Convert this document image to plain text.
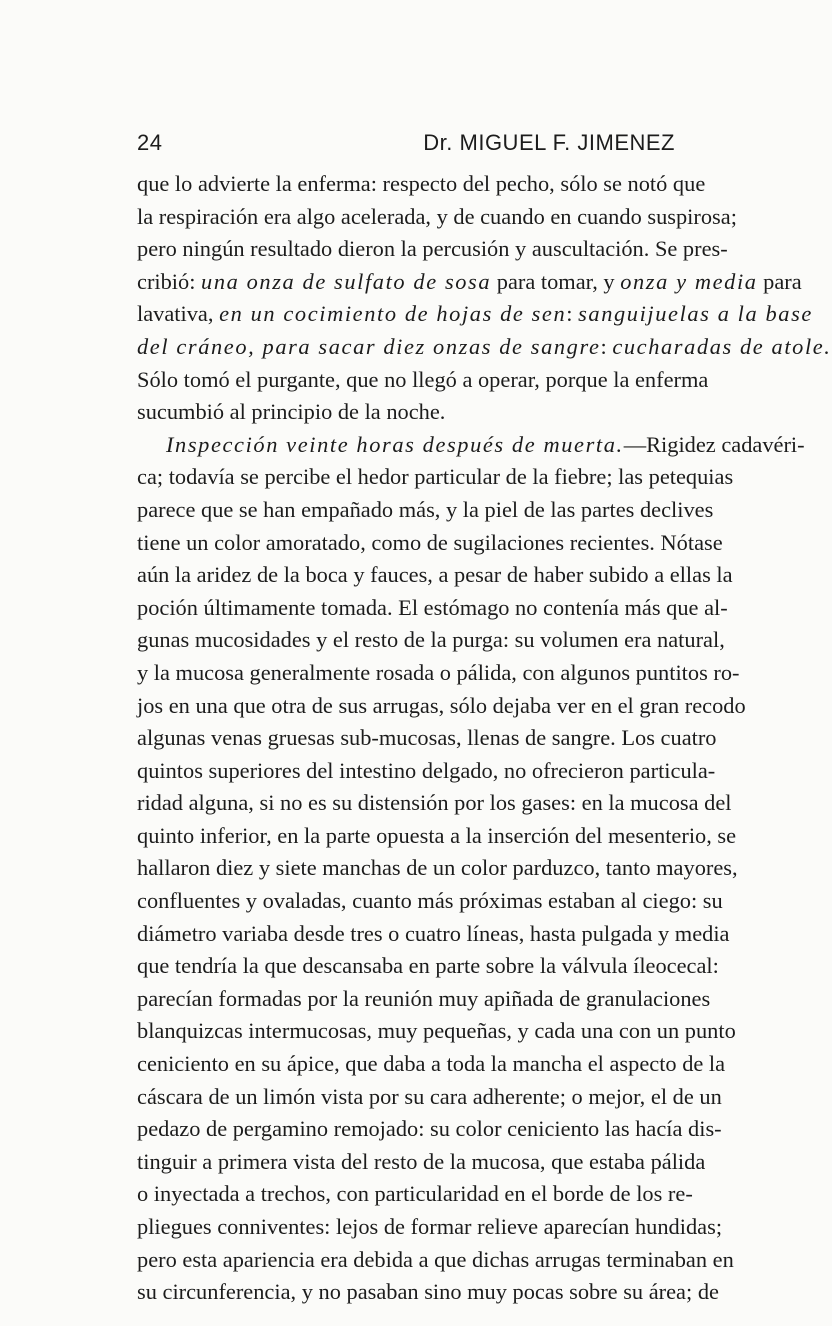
24	Dr. MIGUEL F. JIMENEZ
que lo advierte la enferma: respecto del pecho, sólo se notó que
la respiración era algo acelerada, y de cuando en cuando suspirosa;
pero ningún resultado dieron la percusión y auscultación. Se pres-
cribió: una onza de sulfato de sosa para tomar, y onza y media para
lavativa, en un cocimiento de hojas de sen: sanguijuelas a la base
del cráneo, para sacar diez onzas de sangre: cucharadas de atole.
Sólo tomó el purgante, que no llegó a operar, porque la enferma
sucumbió al principio de la noche.
Inspección veinte horas después de muerta.—Rigidez cadavéri-
ca; todavía se percibe el hedor particular de la fiebre; las petequias
parece que se han empañado más, y la piel de las partes declives
tiene un color amoratado, como de sugilaciones recientes. Nótase
aún la aridez de la boca y fauces, a pesar de haber subido a ellas la
poción últimamente tomada. El estómago no contenía más que al-
gunas mucosidades y el resto de la purga: su volumen era natural,
y la mucosa generalmente rosada o pálida, con algunos puntitos ro-
jos en una que otra de sus arrugas, sólo dejaba ver en el gran recodo
algunas venas gruesas sub-mucosas, llenas de sangre. Los cuatro
quintos superiores del intestino delgado, no ofrecieron particula-
ridad alguna, si no es su distensión por los gases: en la mucosa del
quinto inferior, en la parte opuesta a la inserción del mesenterio, se
hallaron diez y siete manchas de un color parduzco, tanto mayores,
confluentes y ovaladas, cuanto más próximas estaban al ciego: su
diámetro variaba desde tres o cuatro líneas, hasta pulgada y media
que tendría la que descansaba en parte sobre la válvula íleocecal:
parecían formadas por la reunión muy apiñada de granulaciones
blanquizcas intermucosas, muy pequeñas, y cada una con un punto
ceniciento en su ápice, que daba a toda la mancha el aspecto de la
cáscara de un limón vista por su cara adherente; o mejor, el de un
pedazo de pergamino remojado: su color ceniciento las hacía dis-
tinguir a primera vista del resto de la mucosa, que estaba pálida
o inyectada a trechos, con particularidad en el borde de los re-
pliegues conniventes: lejos de formar relieve aparecían hundidas;
pero esta apariencia era debida a que dichas arrugas terminaban en
su circunferencia, y no pasaban sino muy pocas sobre su área; de
